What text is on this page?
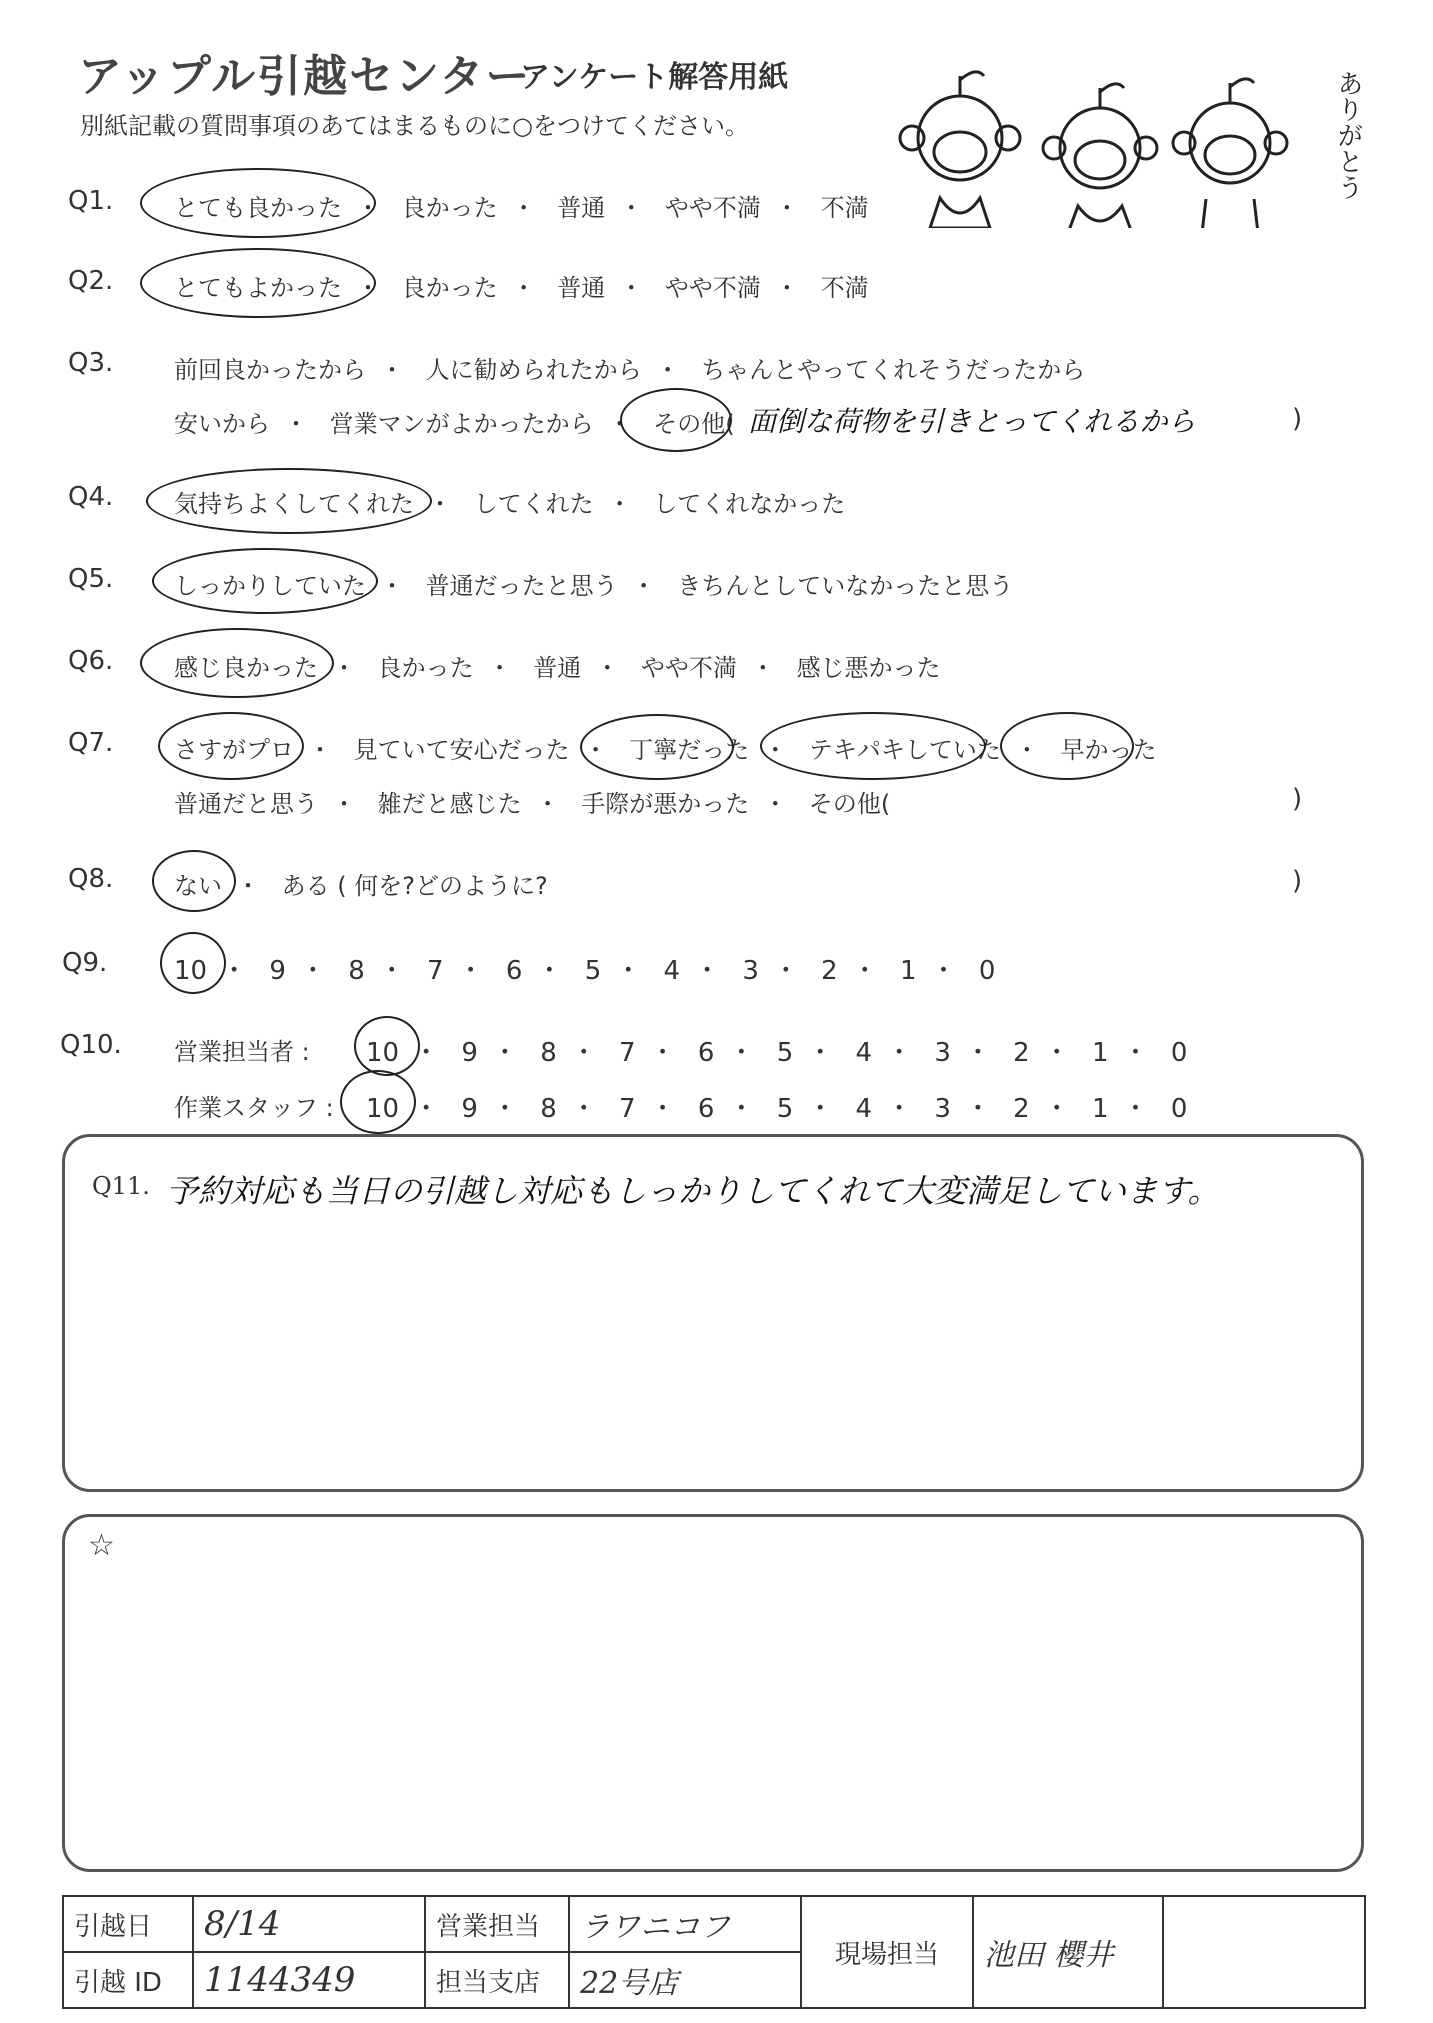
アップル引越センター
アンケート解答用紙
別紙記載の質問事項のあてはまるものに○をつけてください。	ありがとう
Q1.	とても良かった ・ 良かった ・ 普通 ・ やや不満 ・ 不満
Q2.	とてもよかった ・ 良かった ・ 普通 ・ やや不満 ・ 不満
Q3.	前回良かったから ・ 人に勧められたから ・ ちゃんとやってくれそうだったから
安いから ・ 営業マンがよかったから ・ その他( 面倒な荷物を引きとってくれるから	)
Q4.	気持ちよくしてくれた ・ してくれた ・ してくれなかった
Q5.	しっかりしていた ・ 普通だったと思う ・ きちんとしていなかったと思う
Q6.	感じ良かった ・ 良かった ・ 普通 ・ やや不満 ・ 感じ悪かった
Q7.	さすがプロ ・ 見ていて安心だった ・ 丁寧だった ・ テキパキしていた ・ 早かった
普通だと思う ・ 雑だと感じた ・ 手際が悪かった ・ その他(	)
Q8.	ない ・ ある ( 何を?どのように?	)
Q9.	10 ・ 9 ・ 8 ・ 7 ・ 6 ・ 5 ・ 4 ・ 3 ・ 2 ・ 1 ・ 0
Q10. 営業担当者 : 10 ・ 9 ・ 8 ・ 7 ・ 6 ・ 5 ・ 4 ・ 3 ・ 2 ・ 1 ・ 0
作業スタッフ : 10 ・ 9 ・ 8 ・ 7 ・ 6 ・ 5 ・ 4 ・ 3 ・ 2 ・ 1 ・ 0
Q11. 予約対応も当日の引越し対応もしっかりしてくれて大変満足しています。
☆
引越日	8/14	営業担当	ラワニコフ	現場担当	池田 櫻井	
引越 ID	1144349	担当支店	22号店			
